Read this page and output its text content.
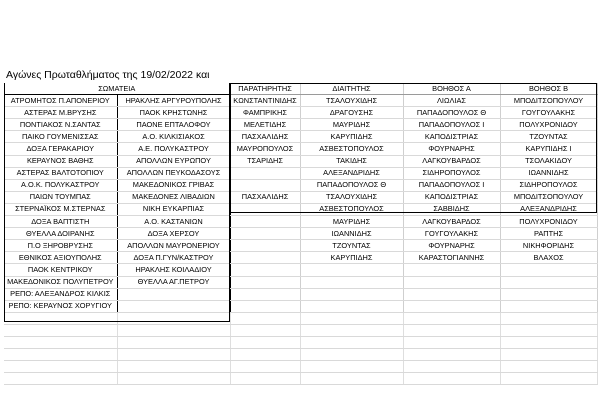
Αγώνες Πρωταθλήματος της 19/02/2022 και
ΣΩΜΑΤΕΙΑ		ΠΑΡΑΤΗΡΗΤΗΣ	ΔΙΑΙΤΗΤΗΣ	ΒΟΗΘΟΣ Α	ΒΟΗΘΟΣ Β
ΑΤΡΟΜΗΤΟΣ Π.ΑΠΟΝΕΡΙΟΥ	ΗΡΑΚΛΗΣ ΑΡΓΥΡΟΥΠΟΛΗΣ	ΚΩΝΣΤΑΝΤΙΝΙΔΗΣ	ΤΣΑΛΟΥΧΙΔΗΣ	ΛΙΩΛΙΑΣ	ΜΠΟΔΙΤΣΟΠΟΥΛΟΥ
ΑΣΤΕΡΑΣ Μ.ΒΡΥΣΗΣ	ΠΑΟΚ ΚΡΗΣΤΩΝΗΣ	ΦΑΜΠΡΙΚΗΣ	ΔΡΑΓΟΥΣΗΣ	ΠΑΠΑΔΟΠΟΥΛΟΣ Θ	ΓΟΥΓΟΥΛΑΚΗΣ
ΠΟΝΤΙΑΚΟΣ Ν.ΣΑΝΤΑΣ	ΠΑΟΝΕ ΕΠΤΑΛΟΦΟΥ	ΜΕΛΕΤΙΔΗΣ	ΜΑΥΡΙΔΗΣ	ΠΑΠΑΔΟΠΟΥΛΟΣ Ι	ΠΟΛΥΧΡΟΝΙΔΟΥ
ΠΑΙΚΟ ΓΟΥΜΕΝΙΣΣΑΣ	Α.Ο. ΚΙΛΚΙΣΙΑΚΟΣ	ΠΑΣΧΑΛΙΔΗΣ	ΚΑΡΥΠΙΔΗΣ	ΚΑΠΟΔΙΣΤΡΙΑΣ	ΤΖΟΥΝΤΑΣ
ΔΟΞΑ ΓΕΡΑΚΑΡΙΟΥ	Α.Ε. ΠΟΛΥΚΑΣΤΡΟΥ	ΜΑΥΡΟΠΟΥΛΟΣ	ΑΣΒΕΣΤΟΠΟΥΛΟΣ	ΦΟΥΡΝΑΡΗΣ	ΚΑΡΥΠΙΔΗΣ Ι
ΚΕΡΑΥΝΟΣ ΒΑΘΗΣ	ΑΠΟΛΛΩΝ ΕΥΡΩΠΟΥ	ΤΣΑΡΙΔΗΣ	ΤΑΚΙΔΗΣ	ΛΑΓΚΟΥΒΑΡΔΟΣ	ΤΣΟΛΑΚΙΔΟΥ
ΑΣΤΕΡΑΣ ΒΑΛΤΟΤΟΠΙΟΥ	ΑΠΟΛΛΩΝ ΠΕΥΚΟΔΑΣΟΥΣ		ΑΛΕΞΑΝΔΡΙΔΗΣ	ΣΙΔΗΡΟΠΟΥΛΟΣ	ΙΩΑΝΝΙΔΗΣ
Α.Ο.Κ. ΠΟΛΥΚΑΣΤΡΟΥ	ΜΑΚΕΔΟΝΙΚΟΣ ΓΡΙΒΑΣ		ΠΑΠΑΔΟΠΟΥΛΟΣ Θ	ΠΑΠΑΔΟΠΟΥΛΟΣ Ι	ΣΙΔΗΡΟΠΟΥΛΟΣ
ΠΑΙΩΝ ΤΟΥΜΠΑΣ	ΜΑΚΕΔΟΝΕΣ ΛΙΒΑΔΙΩΝ	ΠΑΣΧΑΛΙΔΗΣ	ΤΣΑΛΟΥΧΙΔΗΣ	ΚΑΠΟΔΙΣΤΡΙΑΣ	ΜΠΟΔΙΤΣΟΠΟΥΛΟΥ
ΣΤΕΡΝΑΪΚΟΣ Μ.ΣΤΕΡΝΑΣ	ΝΙΚΗ ΕΥΚΑΡΠΙΑΣ		ΑΣΒΕΣΤΟΠΟΥΛΟΣ	ΣΑΒΒΙΔΗΣ	ΑΛΕΞΑΝΔΡΙΔΗΣ
ΔΟΞΑ ΒΑΠΤΙΣΤΗ	Α.Ο. ΚΑΣΤΑΝΙΩΝ		ΜΑΥΡΙΔΗΣ	ΛΑΓΚΟΥΒΑΡΔΟΣ	ΠΟΛΥΧΡΟΝΙΔΟΥ
ΘΥΕΛΛΑ ΔΟΙΡΑΝΗΣ	ΔΟΞΑ ΧΕΡΣΟΥ		ΙΩΑΝΝΙΔΗΣ	ΓΟΥΓΟΥΛΑΚΗΣ	ΡΑΠΤΗΣ
Π.Ο ΞΗΡΟΒΡΥΣΗΣ	ΑΠΟΛΛΩΝ ΜΑΥΡΟΝΕΡΙΟΥ		ΤΖΟΥΝΤΑΣ	ΦΟΥΡΝΑΡΗΣ	ΝΙΚΗΦΟΡΙΔΗΣ
ΕΘΝΙΚΟΣ ΑΞΙΟΥΠΟΛΗΣ	ΔΟΞΑ Π.ΓΥΝ/ΚΑΣΤΡΟΥ		ΚΑΡΥΠΙΔΗΣ	ΚΑΡΑΣΤΟΓΙΑΝΝΗΣ	ΒΛΑΧΟΣ
ΠΑΟΚ ΚΕΝΤΡΙΚΟΥ	ΗΡΑΚΛΗΣ ΚΟΙΛΑΔΙΟΥ				
ΜΑΚΕΔΟΝΙΚΟΣ ΠΟΛΥΠΕΤΡΟΥ	ΘΥΕΛΛΑ ΑΓ.ΠΕΤΡΟΥ				
ΡΕΠΟ: ΑΛΕΞΑΝΔΡΟΣ ΚΙΛΚΙΣ					
ΡΕΠΟ: ΚΕΡΑΥΝΟΣ ΧΟΡΥΓΙΟΥ					
